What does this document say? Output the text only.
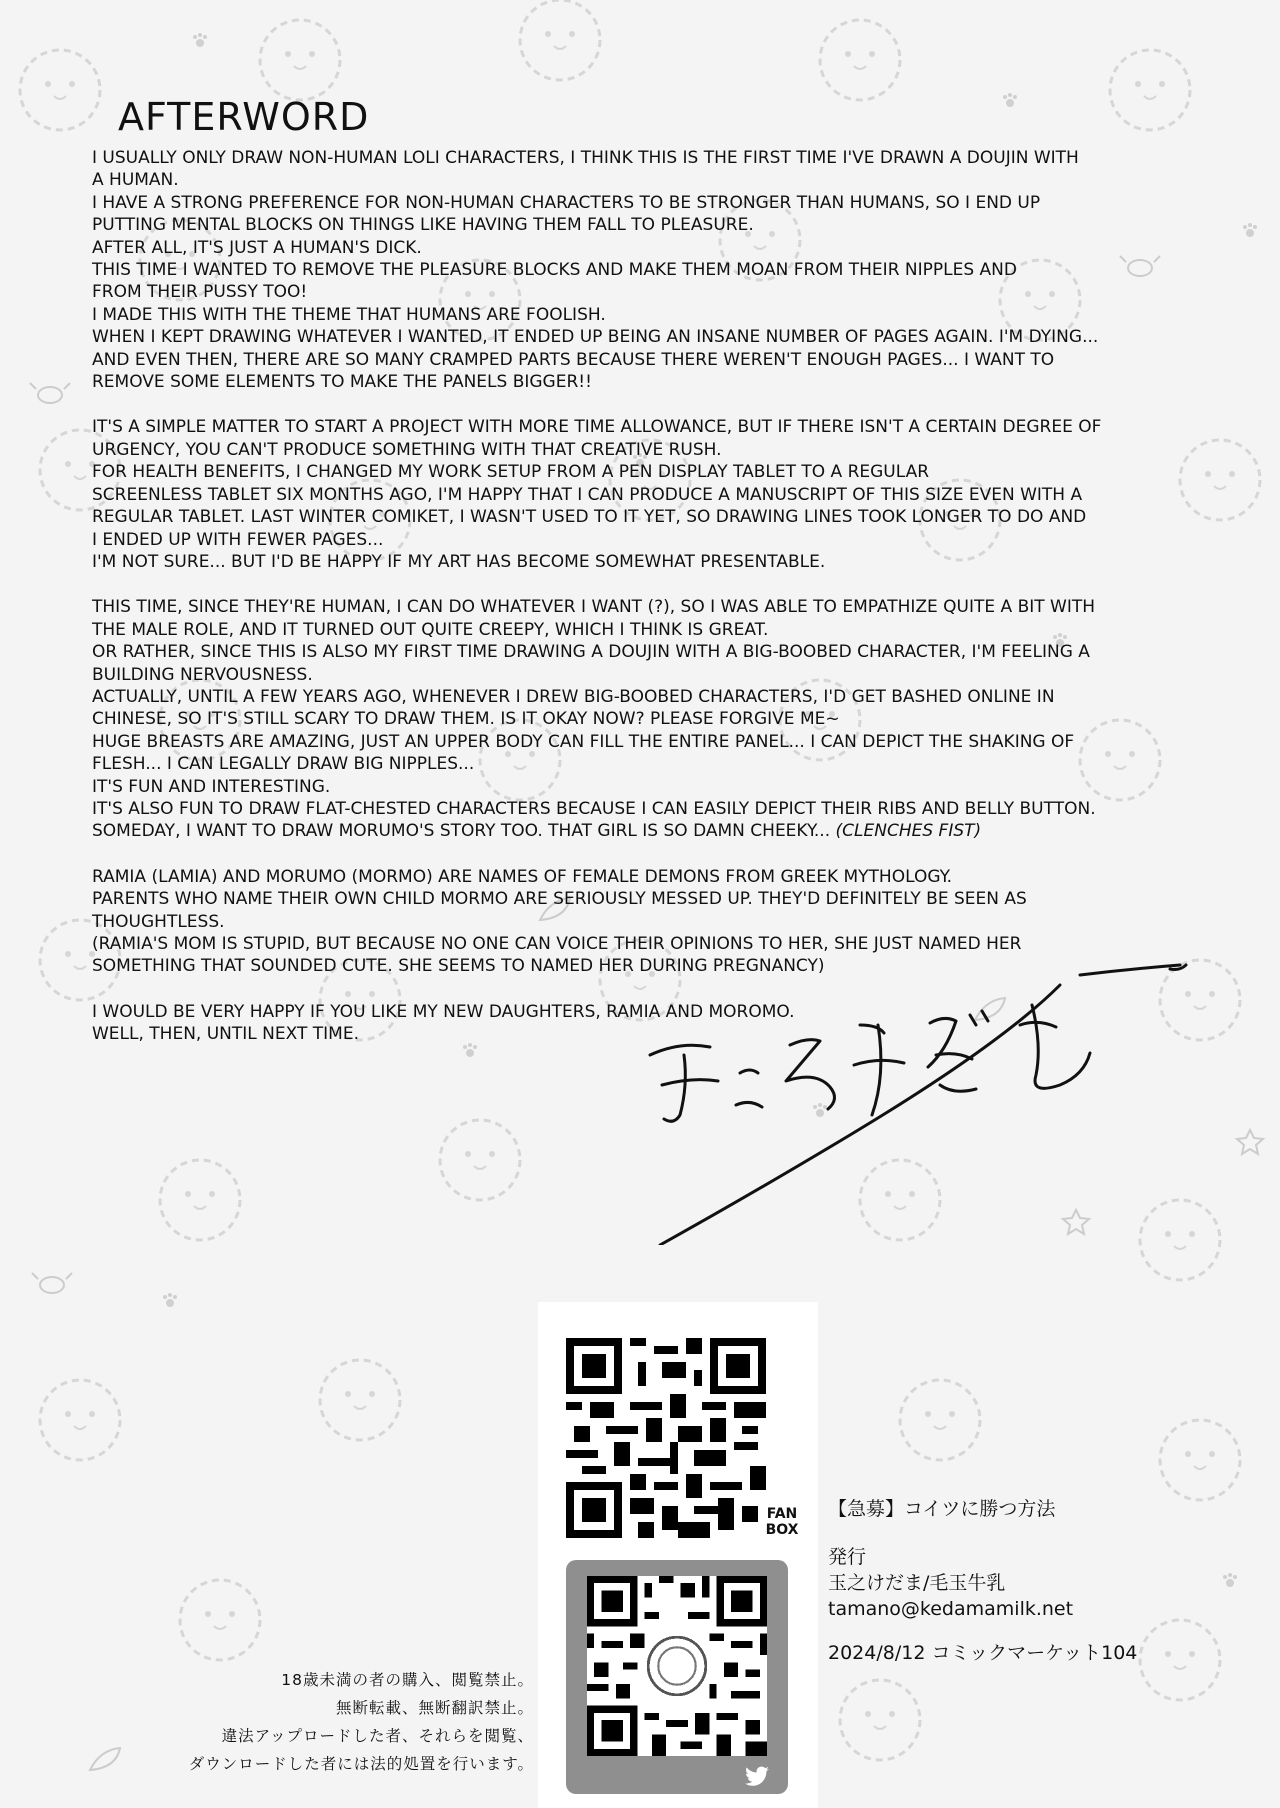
AFTERWORD
I USUALLY ONLY DRAW NON-HUMAN LOLI CHARACTERS, I THINK THIS IS THE FIRST TIME I'VE DRAWN A DOUJIN WITH
A HUMAN.
I HAVE A STRONG PREFERENCE FOR NON-HUMAN CHARACTERS TO BE STRONGER THAN HUMANS, SO I END UP
PUTTING MENTAL BLOCKS ON THINGS LIKE HAVING THEM FALL TO PLEASURE.
AFTER ALL, IT'S JUST A HUMAN'S DICK.
THIS TIME I WANTED TO REMOVE THE PLEASURE BLOCKS AND MAKE THEM MOAN FROM THEIR NIPPLES AND
FROM THEIR PUSSY TOO!
I MADE THIS WITH THE THEME THAT HUMANS ARE FOOLISH.
WHEN I KEPT DRAWING WHATEVER I WANTED, IT ENDED UP BEING AN INSANE NUMBER OF PAGES AGAIN. I'M DYING...
AND EVEN THEN, THERE ARE SO MANY CRAMPED PARTS BECAUSE THERE WEREN'T ENOUGH PAGES... I WANT TO
REMOVE SOME ELEMENTS TO MAKE THE PANELS BIGGER!!
IT'S A SIMPLE MATTER TO START A PROJECT WITH MORE TIME ALLOWANCE, BUT IF THERE ISN'T A CERTAIN DEGREE OF
URGENCY, YOU CAN'T PRODUCE SOMETHING WITH THAT CREATIVE RUSH.
FOR HEALTH BENEFITS, I CHANGED MY WORK SETUP FROM A PEN DISPLAY TABLET TO A REGULAR
SCREENLESS TABLET SIX MONTHS AGO, I'M HAPPY THAT I CAN PRODUCE A MANUSCRIPT OF THIS SIZE EVEN WITH A
REGULAR TABLET. LAST WINTER COMIKET, I WASN'T USED TO IT YET, SO DRAWING LINES TOOK LONGER TO DO AND
I ENDED UP WITH FEWER PAGES...
I'M NOT SURE... BUT I'D BE HAPPY IF MY ART HAS BECOME SOMEWHAT PRESENTABLE.
THIS TIME, SINCE THEY'RE HUMAN, I CAN DO WHATEVER I WANT (?), SO I WAS ABLE TO EMPATHIZE QUITE A BIT WITH
THE MALE ROLE, AND IT TURNED OUT QUITE CREEPY, WHICH I THINK IS GREAT.
OR RATHER, SINCE THIS IS ALSO MY FIRST TIME DRAWING A DOUJIN WITH A BIG-BOOBED CHARACTER, I'M FEELING A
BUILDING NERVOUSNESS.
ACTUALLY, UNTIL A FEW YEARS AGO, WHENEVER I DREW BIG-BOOBED CHARACTERS, I'D GET BASHED ONLINE IN
CHINESE, SO IT'S STILL SCARY TO DRAW THEM. IS IT OKAY NOW? PLEASE FORGIVE ME~
HUGE BREASTS ARE AMAZING, JUST AN UPPER BODY CAN FILL THE ENTIRE PANEL... I CAN DEPICT THE SHAKING OF
FLESH... I CAN LEGALLY DRAW BIG NIPPLES...
IT'S FUN AND INTERESTING.
IT'S ALSO FUN TO DRAW FLAT-CHESTED CHARACTERS BECAUSE I CAN EASILY DEPICT THEIR RIBS AND BELLY BUTTON.
SOMEDAY, I WANT TO DRAW MORUMO'S STORY TOO. THAT GIRL IS SO DAMN CHEEKY... (CLENCHES FIST)
RAMIA (LAMIA) AND MORUMO (MORMO) ARE NAMES OF FEMALE DEMONS FROM GREEK MYTHOLOGY.
PARENTS WHO NAME THEIR OWN CHILD MORMO ARE SERIOUSLY MESSED UP. THEY'D DEFINITELY BE SEEN AS
THOUGHTLESS.
(RAMIA'S MOM IS STUPID, BUT BECAUSE NO ONE CAN VOICE THEIR OPINIONS TO HER, SHE JUST NAMED HER
SOMETHING THAT SOUNDED CUTE. SHE SEEMS TO NAMED HER DURING PREGNANCY)
I WOULD BE VERY HAPPY IF YOU LIKE MY NEW DAUGHTERS, RAMIA AND MOROMO.
WELL, THEN, UNTIL NEXT TIME.
FAN
BOX
【急募】コイツに勝つ方法
発行
玉之けだま/毛玉牛乳
tamano@kedamamilk.net
2024/8/12 コミックマーケット104
18歳未満の者の購入、閲覧禁止。
無断転載、無断翻訳禁止。
違法アップロードした者、それらを閲覧、
ダウンロードした者には法的処置を行います。
